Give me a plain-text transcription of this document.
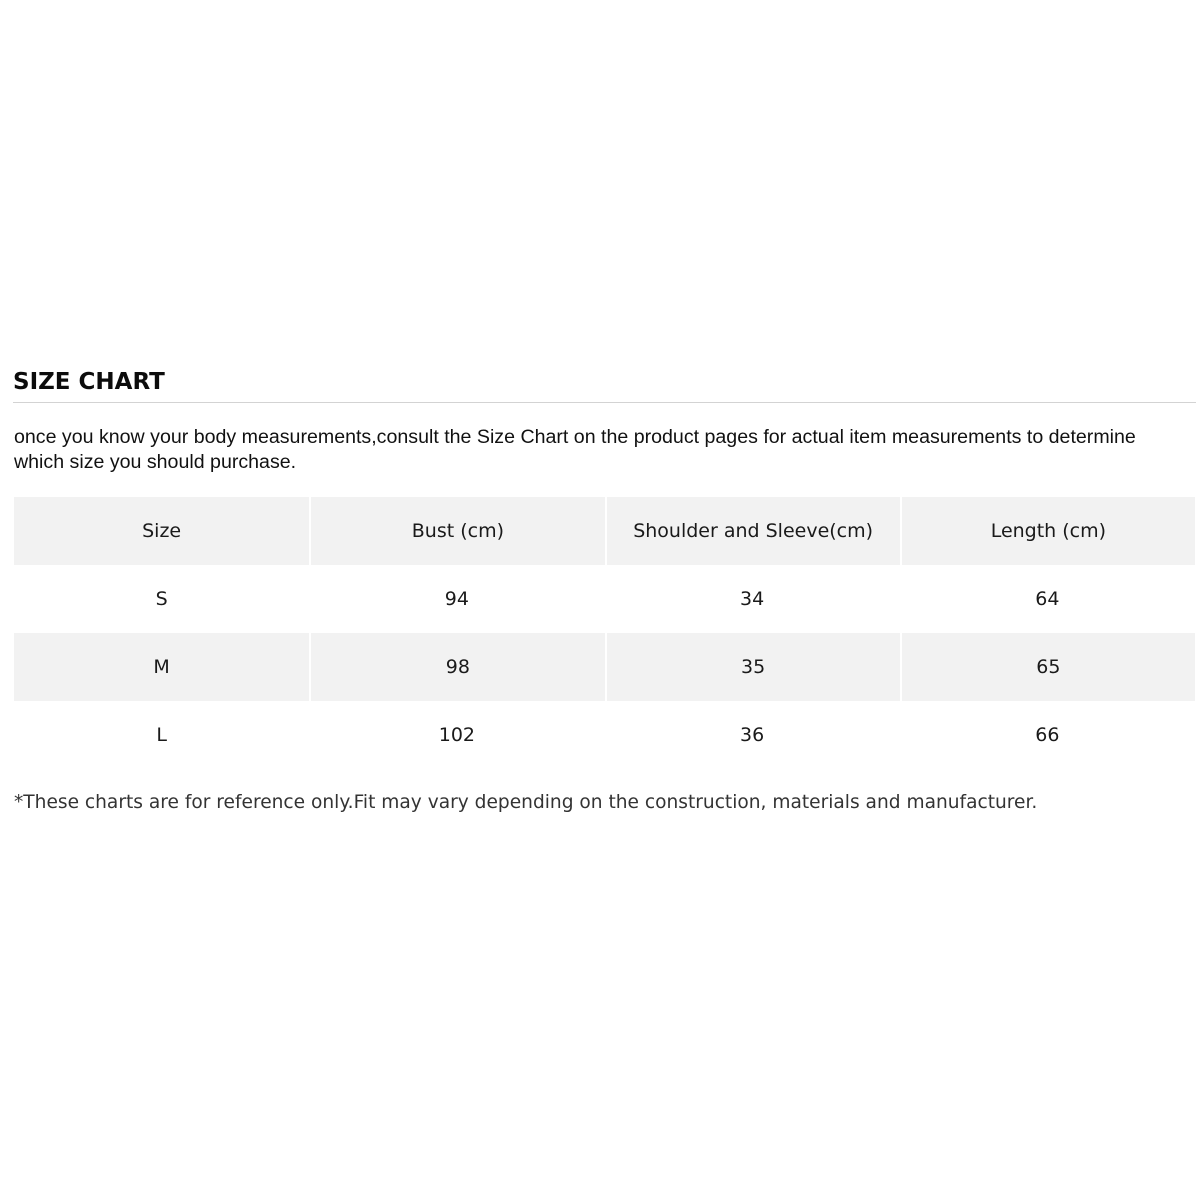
SIZE CHART

once you know your body measurements,consult the Size Chart on the product pages for actual item measurements to determine which size you should purchase.

Size	Bust (cm)	Shoulder and Sleeve(cm)	Length (cm)
S	94	34	64
M	98	35	65
L	102	36	66

*These charts are for reference only.Fit may vary depending on the construction, materials and manufacturer.
